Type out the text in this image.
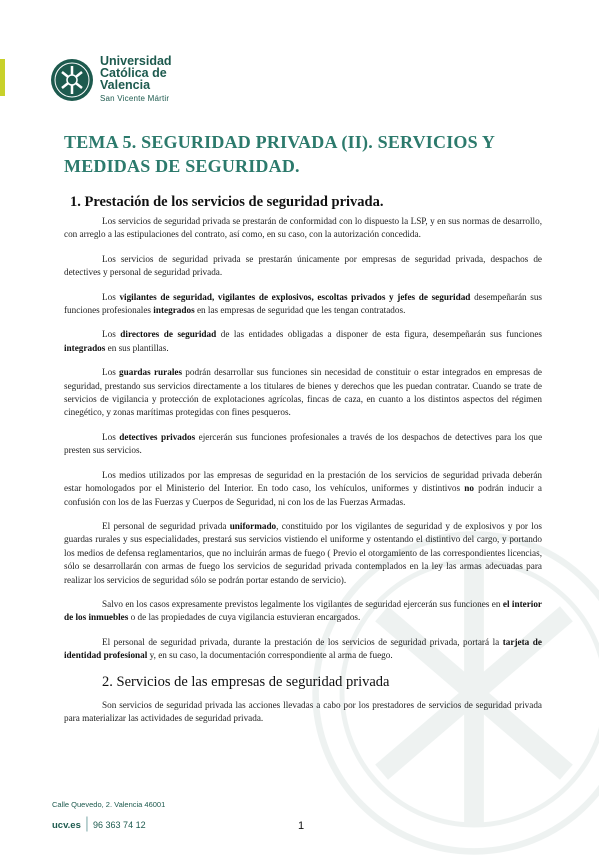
Universidad
Católica de
Valencia
San Vicente Mártir
TEMA 5. SEGURIDAD PRIVADA (II). SERVICIOS Y
MEDIDAS DE SEGURIDAD.
1. Prestación de los servicios de seguridad privada.

Los servicios de seguridad privada se prestarán de conformidad con lo dispuesto la LSP, y en sus normas de desarrollo, con arreglo a las estipulaciones del contrato, así como, en su caso, con la autorización concedida.

Los servicios de seguridad privada se prestarán únicamente por empresas de seguridad privada, despachos de detectives y personal de seguridad privada.

Los vigilantes de seguridad, vigilantes de explosivos, escoltas privados y jefes de seguridad desempeñarán sus funciones profesionales integrados en las empresas de seguridad que les tengan contratados.

Los directores de seguridad de las entidades obligadas a disponer de esta figura, desempeñarán sus funciones integrados en sus plantillas.

Los guardas rurales podrán desarrollar sus funciones sin necesidad de constituir o estar integrados en empresas de seguridad, prestando sus servicios directamente a los titulares de bienes y derechos que les puedan contratar. Cuando se trate de servicios de vigilancia y protección de explotaciones agrícolas, fincas de caza, en cuanto a los distintos aspectos del régimen cinegético, y zonas marítimas protegidas con fines pesqueros.

Los detectives privados ejercerán sus funciones profesionales a través de los despachos de detectives para los que presten sus servicios.

Los medios utilizados por las empresas de seguridad en la prestación de los servicios de seguridad privada deberán estar homologados por el Ministerio del Interior. En todo caso, los vehículos, uniformes y distintivos no podrán inducir a confusión con los de las Fuerzas y Cuerpos de Seguridad, ni con los de las Fuerzas Armadas.

El personal de seguridad privada uniformado, constituido por los vigilantes de seguridad y de explosivos y por los guardas rurales y sus especialidades, prestará sus servicios vistiendo el uniforme y ostentando el distintivo del cargo, y portando los medios de defensa reglamentarios, que no incluirán armas de fuego ( Previo el otorgamiento de las correspondientes licencias, sólo se desarrollarán con armas de fuego los servicios de seguridad privada contemplados en la ley las armas adecuadas para realizar los servicios de seguridad sólo se podrán portar estando de servicio).

Salvo en los casos expresamente previstos legalmente los vigilantes de seguridad ejercerán sus funciones en el interior de los inmuebles o de las propiedades de cuya vigilancia estuvieran encargados.

El personal de seguridad privada, durante la prestación de los servicios de seguridad privada, portará la tarjeta de identidad profesional y, en su caso, la documentación correspondiente al arma de fuego.

2. Servicios de las empresas de seguridad privada

Son servicios de seguridad privada las acciones llevadas a cabo por los prestadores de servicios de seguridad privada para materializar las actividades de seguridad privada.

Calle Quevedo, 2. Valencia 46001
ucv.es | 96 363 74 12	1
